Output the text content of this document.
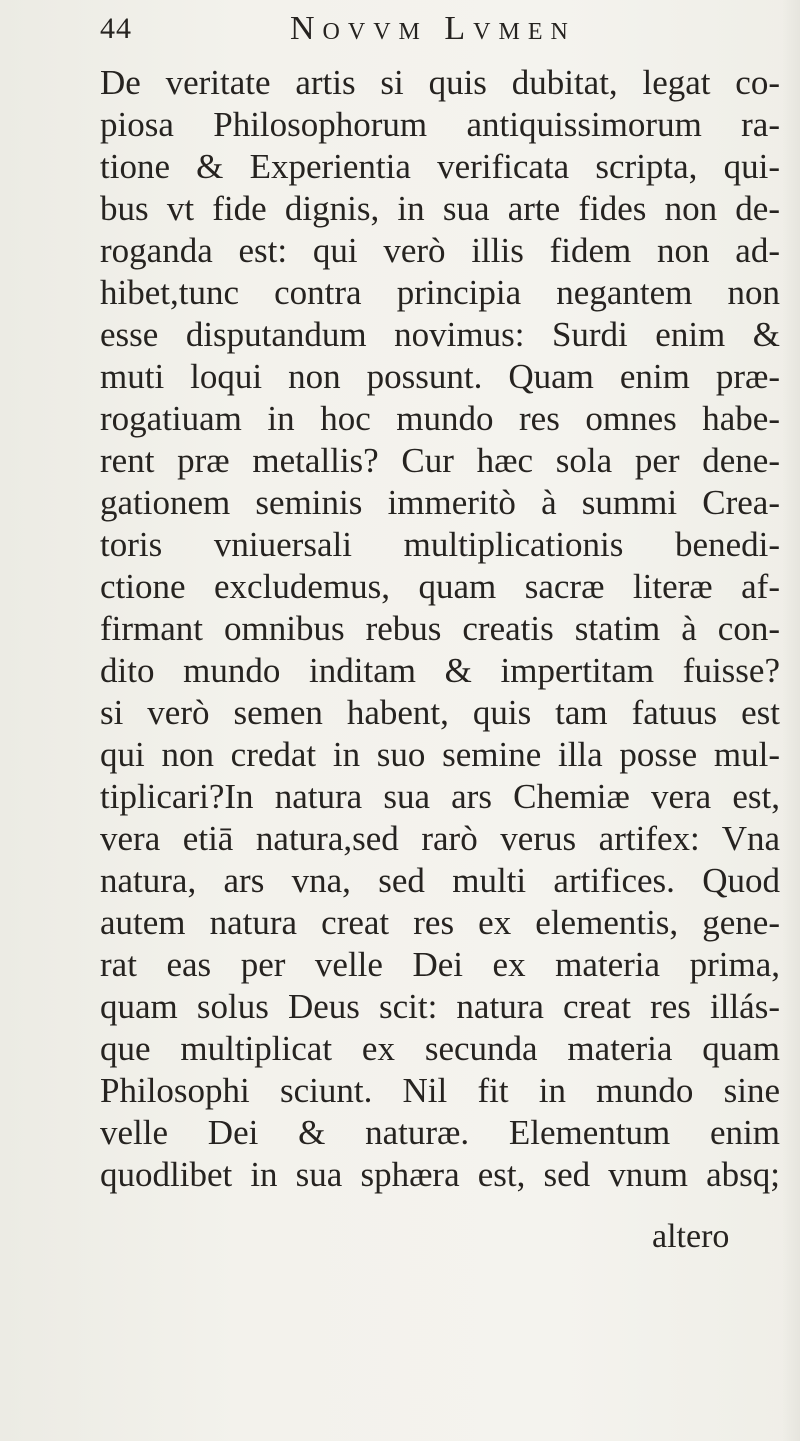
44	Novvm Lvmen
De veritate artis si quis dubitat, legat co-
piosa Philosophorum antiquissimorum ra-
tione & Experientia verificata scripta, qui-
bus vt fide dignis, in sua arte fides non de-
roganda est: qui verò illis fidem non ad-
hibet,tunc contra principia negantem non
esse disputandum novimus: Surdi enim &
muti loqui non possunt. Quam enim præ-
rogatiuam in hoc mundo res omnes habe-
rent præ metallis? Cur hæc sola per dene-
gationem seminis immeritò à summi Crea-
toris vniuersali multiplicationis benedi-
ctione excludemus, quam sacræ literæ af-
firmant omnibus rebus creatis statim à con-
dito mundo inditam & impertitam fuisse?
si verò semen habent, quis tam fatuus est
qui non credat in suo semine illa posse mul-
tiplicari?In natura sua ars Chemiæ vera est,
vera etiā natura,sed rarò verus artifex: Vna
natura, ars vna, sed multi artifices. Quod
autem natura creat res ex elementis, gene-
rat eas per velle Dei ex materia prima,
quam solus Deus scit: natura creat res illás-
que multiplicat ex secunda materia quam
Philosophi sciunt. Nil fit in mundo sine
velle Dei & naturæ. Elementum enim
quodlibet in sua sphæra est, sed vnum absq;
altero
